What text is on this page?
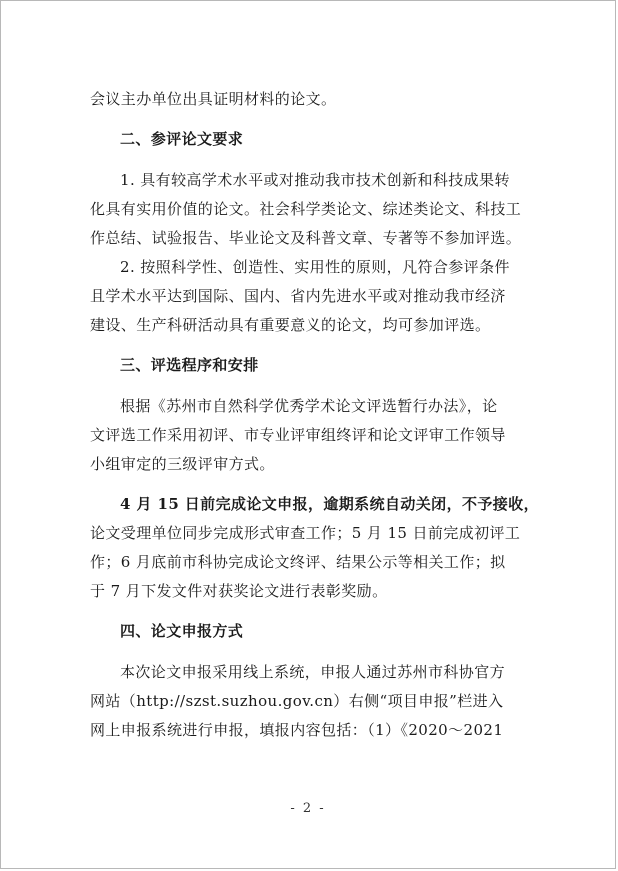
会议主办单位出具证明材料的论文。

二、参评论文要求

1. 具有较高学术水平或对推动我市技术创新和科技成果转
化具有实用价值的论文。社会科学类论文、综述类论文、科技工
作总结、试验报告、毕业论文及科普文章、专著等不参加评选。

2. 按照科学性、创造性、实用性的原则，凡符合参评条件
且学术水平达到国际、国内、省内先进水平或对推动我市经济
建设、生产科研活动具有重要意义的论文，均可参加评选。

三、评选程序和安排

根据《苏州市自然科学优秀学术论文评选暂行办法》，论
文评选工作采用初评、市专业评审组终评和论文评审工作领导
小组审定的三级评审方式。

4 月 15 日前完成论文申报，逾期系统自动关闭，不予接收，
论文受理单位同步完成形式审查工作；5 月 15 日前完成初评工
作；6 月底前市科协完成论文终评、结果公示等相关工作；拟
于 7 月下发文件对获奖论文进行表彰奖励。

四、论文申报方式

本次论文申报采用线上系统，申报人通过苏州市科协官方
网站（http://szst.suzhou.gov.cn）右侧“项目申报”栏进入
网上申报系统进行申报，填报内容包括：（1）《2020～2021

- 2 -
